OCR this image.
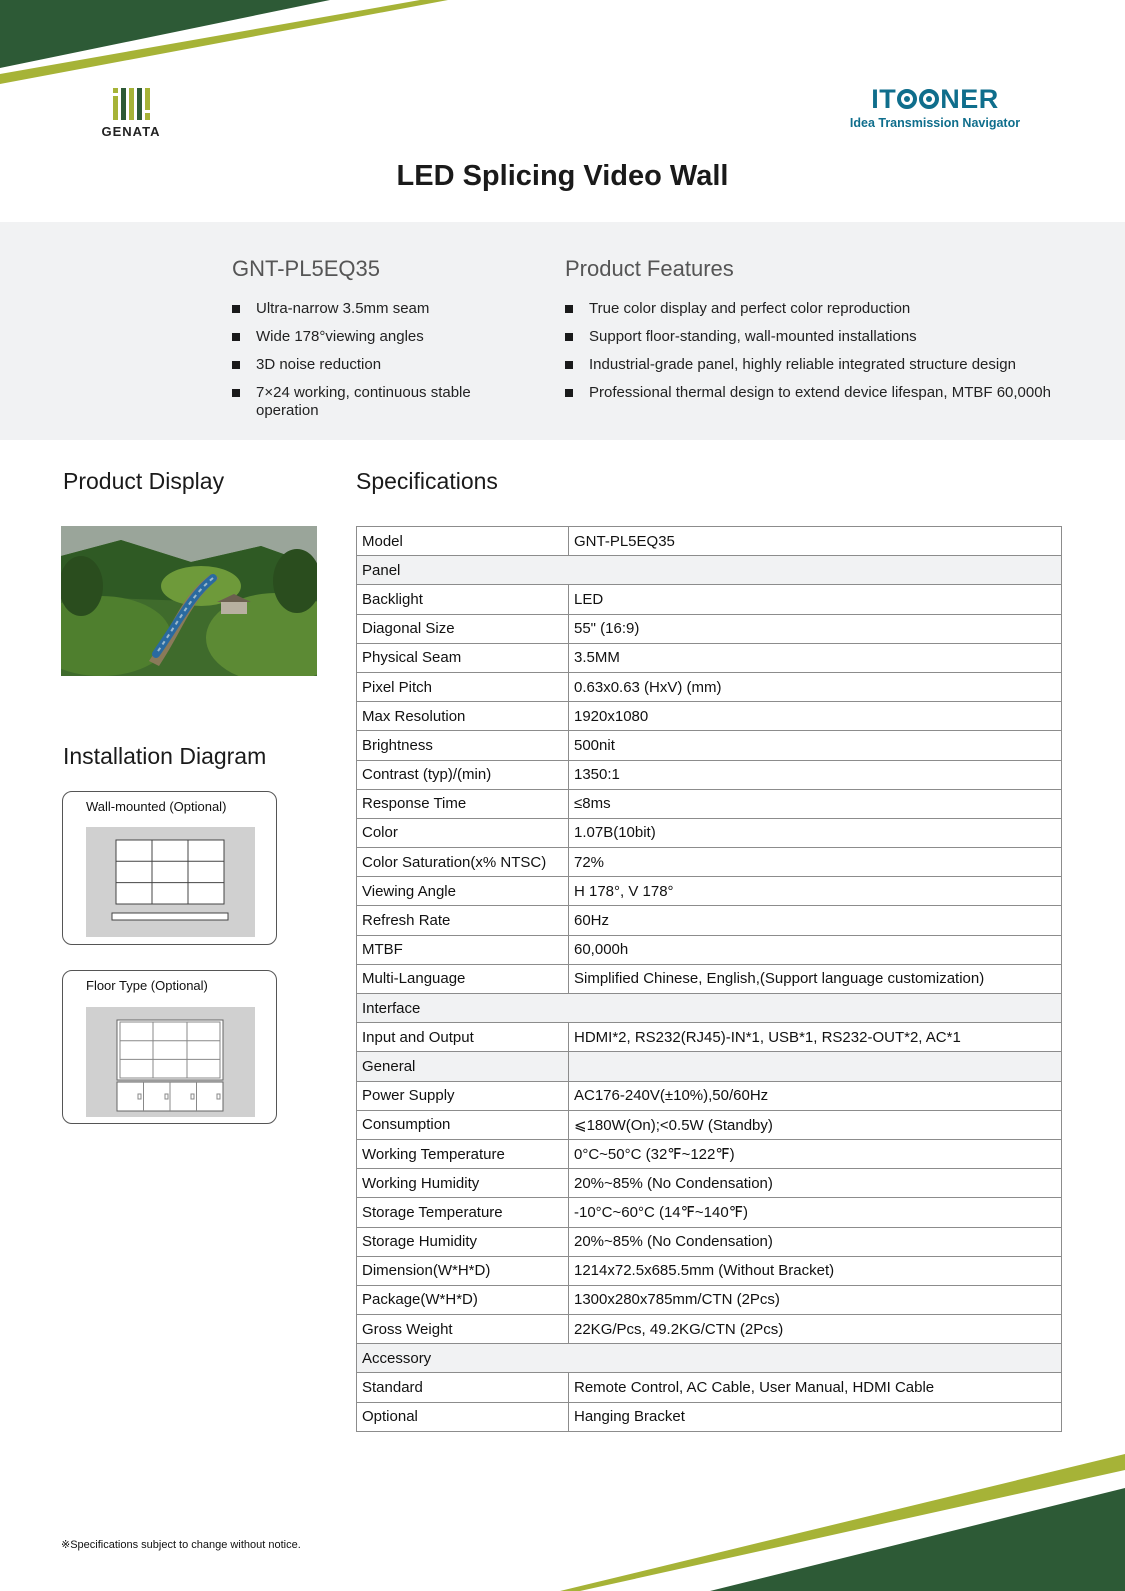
GENATA
IT NER
Idea Transmission Navigator
LED Splicing Video Wall
GNT-PL5EQ35
Ultra-narrow 3.5mm seam
Wide 178°viewing angles
3D noise reduction
7×24 working, continuous stable operation
Product Features
True color display and perfect color reproduction
Support floor-standing, wall-mounted installations
Industrial-grade panel, highly reliable integrated structure design
Professional thermal design to extend device lifespan, MTBF 60,000h
Product Display
Installation Diagram
Wall-mounted (Optional)
Floor Type (Optional)
Specifications
Model	GNT-PL5EQ35
Panel	
Backlight	LED
Diagonal Size	55" (16:9)
Physical Seam	3.5MM
Pixel Pitch	0.63x0.63 (HxV) (mm)
Max Resolution	1920x1080
Brightness	500nit
Contrast (typ)/(min)	1350:1
Response Time	≤8ms
Color	1.07B(10bit)
Color Saturation(x% NTSC)	72%
Viewing Angle	H 178°, V 178°
Refresh Rate	60Hz
MTBF	60,000h
Multi-Language	Simplified Chinese, English,(Support language customization)
Interface	
Input and Output	HDMI*2, RS232(RJ45)-IN*1, USB*1, RS232-OUT*2, AC*1
General	
Power Supply	AC176-240V(±10%),50/60Hz
Consumption	⩽180W(On);<0.5W (Standby)
Working Temperature	0°C~50°C (32℉~122℉)
Working Humidity	20%~85% (No Condensation)
Storage Temperature	-10°C~60°C (14℉~140℉)
Storage Humidity	20%~85% (No Condensation)
Dimension(W*H*D)	1214x72.5x685.5mm (Without Bracket)
Package(W*H*D)	1300x280x785mm/CTN (2Pcs)
Gross Weight	22KG/Pcs, 49.2KG/CTN (2Pcs)
Accessory	
Standard	Remote Control, AC Cable, User Manual, HDMI Cable
Optional	Hanging Bracket
※Specifications subject to change without notice.
